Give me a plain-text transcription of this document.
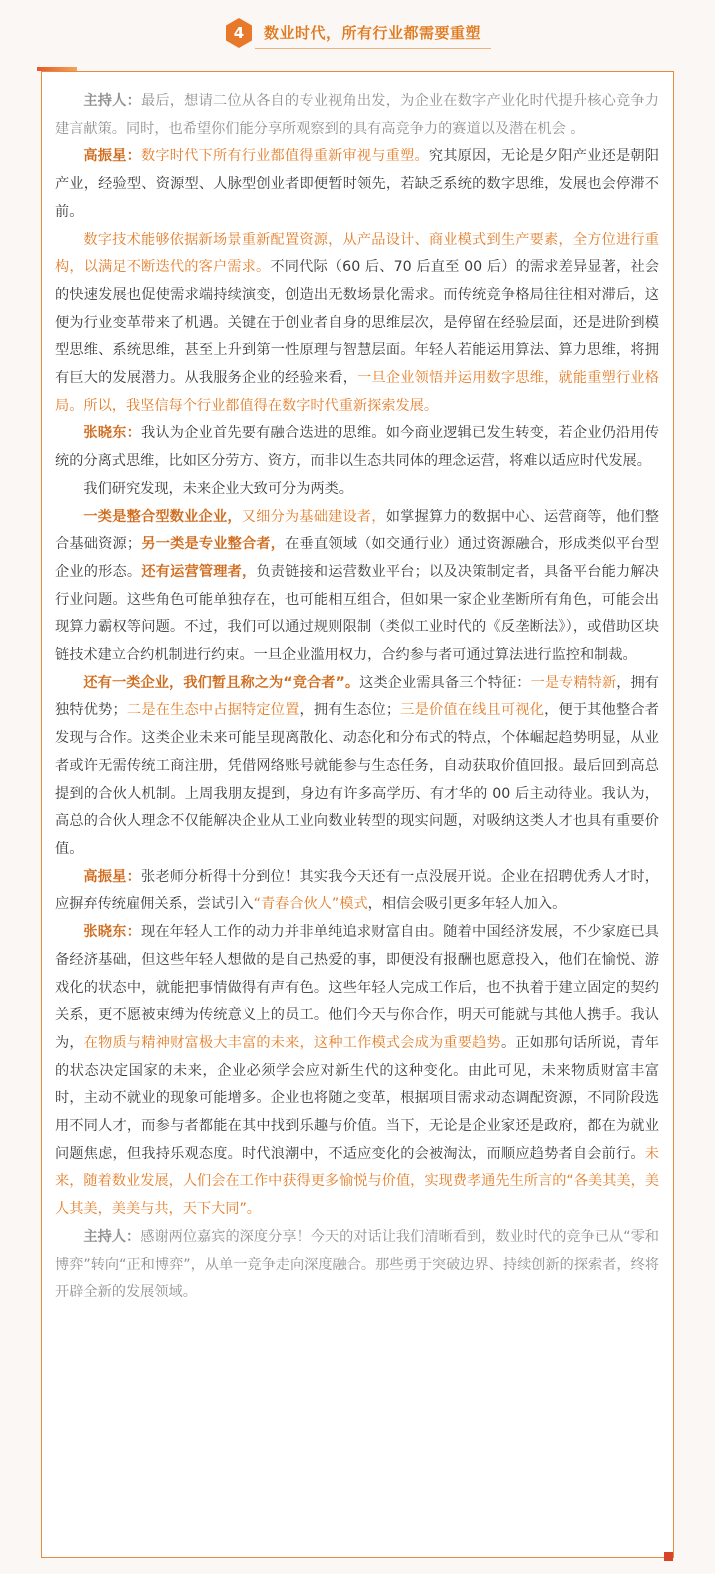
4	数业时代，所有行业都需要重塑

主持人：最后，想请二位从各自的专业视角出发，为企业在数字产业化时代提升核心竞争力建言献策。同时，也希望你们能分享所观察到的具有高竞争力的赛道以及潜在机会 。

高振星：数字时代下所有行业都值得重新审视与重塑。究其原因，无论是夕阳产业还是朝阳产业，经验型、资源型、人脉型创业者即便暂时领先，若缺乏系统的数字思维，发展也会停滞不前。

数字技术能够依据新场景重新配置资源，从产品设计、商业模式到生产要素，全方位进行重构，以满足不断迭代的客户需求。不同代际（60 后、70 后直至 00 后）的需求差异显著，社会的快速发展也促使需求端持续演变，创造出无数场景化需求。而传统竞争格局往往相对滞后，这便为行业变革带来了机遇。关键在于创业者自身的思维层次，是停留在经验层面，还是进阶到模型思维、系统思维，甚至上升到第一性原理与智慧层面。年轻人若能运用算法、算力思维，将拥有巨大的发展潜力。从我服务企业的经验来看，一旦企业领悟并运用数字思维，就能重塑行业格局。所以，我坚信每个行业都值得在数字时代重新探索发展。

张晓东：我认为企业首先要有融合迭进的思维。如今商业逻辑已发生转变，若企业仍沿用传统的分离式思维，比如区分劳方、资方，而非以生态共同体的理念运营，将难以适应时代发展。

我们研究发现，未来企业大致可分为两类。

一类是整合型数业企业，又细分为基础建设者，如掌握算力的数据中心、运营商等，他们整合基础资源；另一类是专业整合者，在垂直领域（如交通行业）通过资源融合，形成类似平台型企业的形态。还有运营管理者，负责链接和运营数业平台；以及决策制定者，具备平台能力解决行业问题。这些角色可能单独存在，也可能相互组合，但如果一家企业垄断所有角色，可能会出现算力霸权等问题。不过，我们可以通过规则限制（类似工业时代的《反垄断法》），或借助区块链技术建立合约机制进行约束。一旦企业滥用权力，合约参与者可通过算法进行监控和制裁。

还有一类企业，我们暂且称之为“竞合者”。这类企业需具备三个特征：一是专精特新，拥有独特优势；二是在生态中占据特定位置，拥有生态位；三是价值在线且可视化，便于其他整合者发现与合作。这类企业未来可能呈现离散化、动态化和分布式的特点，个体崛起趋势明显，从业者或许无需传统工商注册，凭借网络账号就能参与生态任务，自动获取价值回报。最后回到高总提到的合伙人机制。上周我朋友提到，身边有许多高学历、有才华的 00 后主动待业。我认为，高总的合伙人理念不仅能解决企业从工业向数业转型的现实问题，对吸纳这类人才也具有重要价值。

高振星：张老师分析得十分到位！其实我今天还有一点没展开说。企业在招聘优秀人才时，应摒弃传统雇佣关系，尝试引入“青春合伙人”模式，相信会吸引更多年轻人加入。

张晓东：现在年轻人工作的动力并非单纯追求财富自由。随着中国经济发展，不少家庭已具备经济基础，但这些年轻人想做的是自己热爱的事，即便没有报酬也愿意投入，他们在愉悦、游戏化的状态中，就能把事情做得有声有色。这些年轻人完成工作后，也不执着于建立固定的契约关系，更不愿被束缚为传统意义上的员工。他们今天与你合作，明天可能就与其他人携手。我认为，在物质与精神财富极大丰富的未来，这种工作模式会成为重要趋势。正如那句话所说，青年的状态决定国家的未来，企业必须学会应对新生代的这种变化。由此可见，未来物质财富丰富时，主动不就业的现象可能增多。企业也将随之变革，根据项目需求动态调配资源，不同阶段选用不同人才，而参与者都能在其中找到乐趣与价值。当下，无论是企业家还是政府，都在为就业问题焦虑，但我持乐观态度。时代浪潮中，不适应变化的会被淘汰，而顺应趋势者自会前行。未来，随着数业发展，人们会在工作中获得更多愉悦与价值，实现费孝通先生所言的“各美其美，美人其美，美美与共，天下大同”。

主持人：感谢两位嘉宾的深度分享！今天的对话让我们清晰看到，数业时代的竞争已从“零和博弈”转向“正和博弈”，从单一竞争走向深度融合。那些勇于突破边界、持续创新的探索者，终将开辟全新的发展领域。
